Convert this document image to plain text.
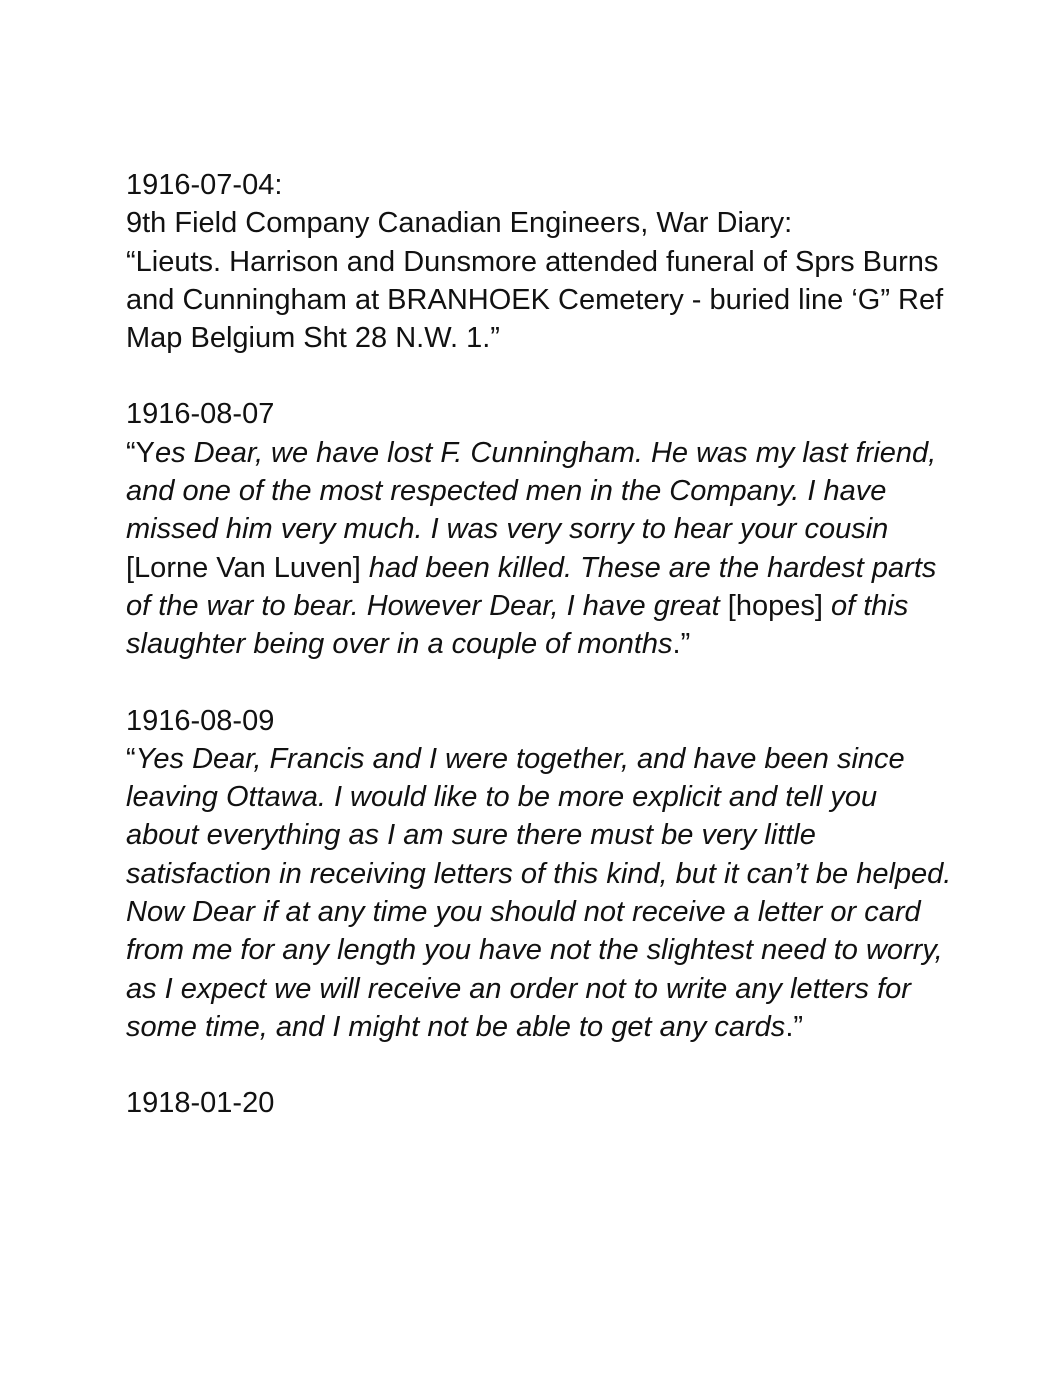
1916-07-04:
9th Field Company Canadian Engineers, War Diary:
“Lieuts. Harrison and Dunsmore attended funeral of Sprs Burns and Cunningham at BRANHOEK Cemetery - buried line ‘G” Ref Map Belgium Sht 28 N.W. 1.”
1916-08-07

“Yes Dear, we have lost F. Cunningham. He was my last friend, and one of the most respected men in the Company. I have missed him very much. I was very sorry to hear your cousin [Lorne Van Luven] had been killed. These are the hardest parts of the war to bear. However Dear, I have great [hopes] of this slaughter being over in a couple of months.”

1916-08-09

“Yes Dear, Francis and I were together, and have been since leaving Ottawa. I would like to be more explicit and tell you about everything as I am sure there must be very little satisfaction in receiving letters of this kind, but it can’t be helped. Now Dear if at any time you should not receive a letter or card from me for any length you have not the slightest need to worry, as I expect we will receive an order not to write any letters for some time, and I might not be able to get any cards.”

1918-01-20
